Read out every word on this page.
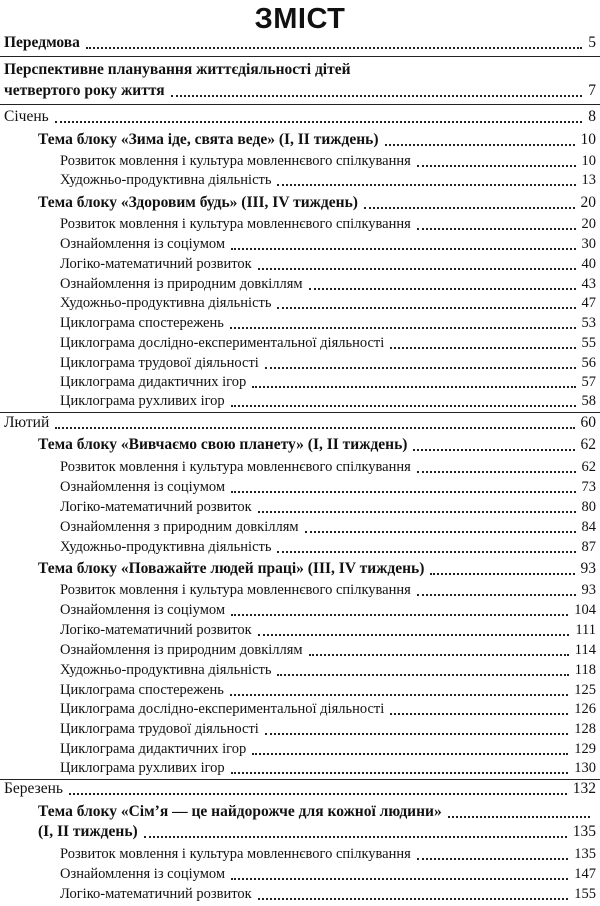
ЗМІСТ
Передмова	5
Перспективне планування життєдіяльності дітей
четвертого року життя	7
Січень	8
Тема блоку «Зима іде, свята веде» (І, ІІ тиждень)	10
Розвиток мовлення і культура мовленнєвого спілкування	10
Художньо-продуктивна діяльність	13
Тема блоку «Здоровим будь» (ІІІ, IV тиждень)	20
Розвиток мовлення і культура мовленнєвого спілкування	20
Ознайомлення із соціумом	30
Логіко-математичний розвиток	40
Ознайомлення із природним довкіллям	43
Художньо-продуктивна діяльність	47
Циклограма спостережень	53
Циклограма дослідно-експериментальної діяльності	55
Циклограма трудової діяльності	56
Циклограма дидактичних ігор	57
Циклограма рухливих ігор	58
Лютий	60
Тема блоку «Вивчаємо свою планету» (І, ІІ тиждень)	62
Розвиток мовлення і культура мовленнєвого спілкування	62
Ознайомлення із соціумом	73
Логіко-математичний розвиток	80
Ознайомлення з природним довкіллям	84
Художньо-продуктивна діяльність	87
Тема блоку «Поважайте людей праці» (ІІІ, IV тиждень)	93
Розвиток мовлення і культура мовленнєвого спілкування	93
Ознайомлення із соціумом	104
Логіко-математичний розвиток	111
Ознайомлення із природним довкіллям	114
Художньо-продуктивна діяльність	118
Циклограма спостережень	125
Циклограма дослідно-експериментальної діяльності	126
Циклограма трудової діяльності	128
Циклограма дидактичних ігор	129
Циклограма рухливих ігор	130
Березень	132
Тема блоку «Сім’я — це найдорожче для кожної людини»
(І, ІІ тиждень)	135
Розвиток мовлення і культура мовленнєвого спілкування	135
Ознайомлення із соціумом	147
Логіко-математичний розвиток	155
